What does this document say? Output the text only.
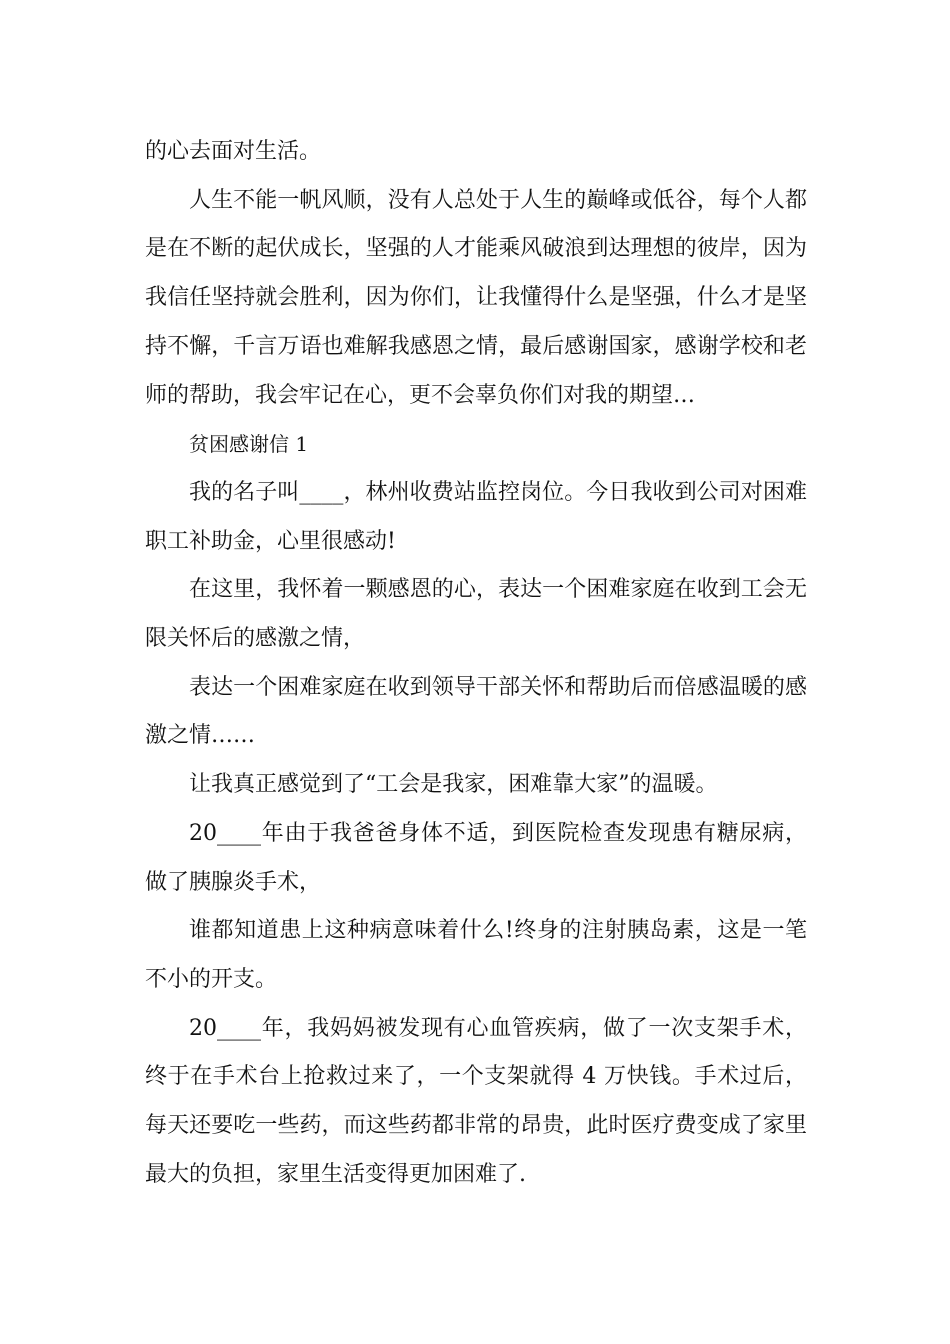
的心去面对生活。

人生不能一帆风顺，没有人总处于人生的巅峰或低谷，每个人都是在不断的起伏成长，坚强的人才能乘风破浪到达理想的彼岸，因为我信任坚持就会胜利，因为你们，让我懂得什么是坚强，什么才是坚持不懈，千言万语也难解我感恩之情，最后感谢国家，感谢学校和老师的帮助，我会牢记在心，更不会辜负你们对我的期望…

贫困感谢信 1

我的名子叫____，林州收费站监控岗位。今日我收到公司对困难职工补助金，心里很感动!

在这里，我怀着一颗感恩的心，表达一个困难家庭在收到工会无限关怀后的感激之情，

表达一个困难家庭在收到领导干部关怀和帮助后而倍感温暖的感激之情……

让我真正感觉到了“工会是我家，困难靠大家”的温暖。

20____年由于我爸爸身体不适，到医院检查发现患有糖尿病，做了胰腺炎手术，

谁都知道患上这种病意味着什么!终身的注射胰岛素，这是一笔不小的开支。

20____年，我妈妈被发现有心血管疾病，做了一次支架手术，终于在手术台上抢救过来了，一个支架就得 4 万快钱。手术过后，每天还要吃一些药，而这些药都非常的昂贵，此时医疗费变成了家里最大的负担，家里生活变得更加困难了.
